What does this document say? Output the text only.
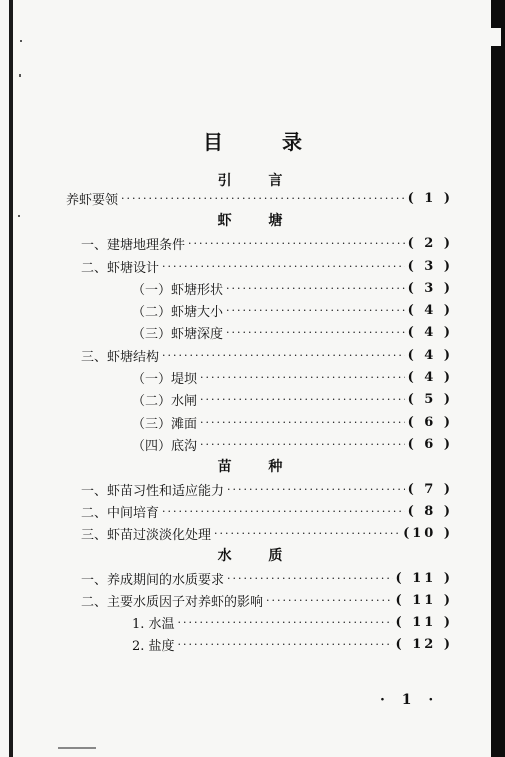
目 录
引 言
养虾要领 ·····	( 1 )
虾 塘
一、建塘地理条件 ·····	( 2 )
二、虾塘设计 ·····	( 3 )
（一）虾塘形状 ·····	( 3 )
（二）虾塘大小 ·····	( 4 )
（三）虾塘深度 ·····	( 4 )
三、虾塘结构 ·····	( 4 )
（一）堤坝 ·····	( 4 )
（二）水闸 ·····	( 5 )
（三）滩面 ·····	( 6 )
（四）底沟 ·····	( 6 )
苗 种
一、虾苗习性和适应能力 ·····	( 7 )
二、中间培育 ·····	( 8 )
三、虾苗过淡淡化处理 ·····	(10 )
水 质
一、养成期间的水质要求 ·····	( 11 )
二、主要水质因子对养虾的影响 ·····	( 11 )
1. 水温 ·····	( 11 )
2. 盐度 ·····	( 12 )
· 1 ·
